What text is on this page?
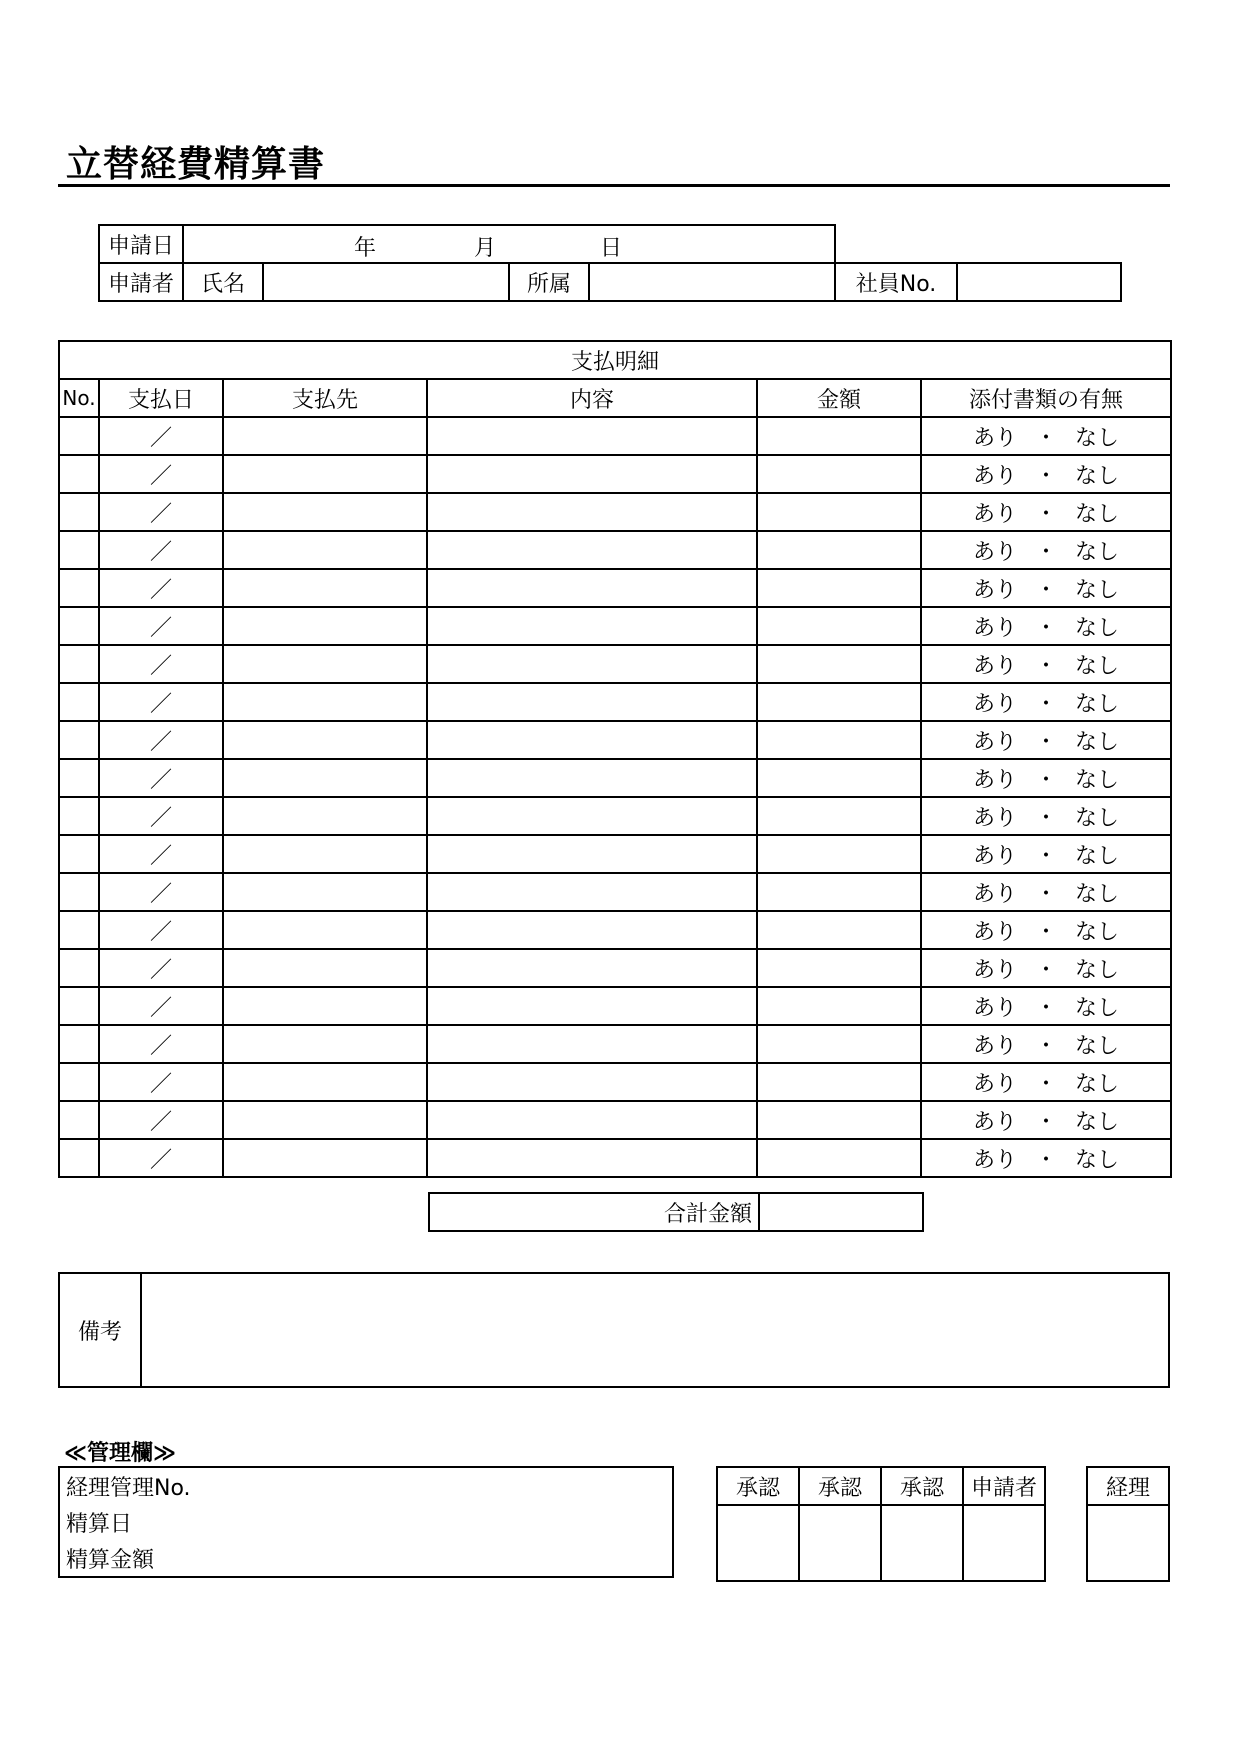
立替経費精算書
申請日	年 月 日					

申請者	氏名		所属		社員No.	
支払明細					
No.	支払日	支払先	内容	金額	添付書類の有無
	／				あり ・ なし
	／				あり ・ なし
	／				あり ・ なし
	／				あり ・ なし
	／				あり ・ なし
	／				あり ・ なし
	／				あり ・ なし
	／				あり ・ なし
	／				あり ・ なし
	／				あり ・ なし
	／				あり ・ なし
	／				あり ・ なし
	／				あり ・ なし
	／				あり ・ なし
	／				あり ・ なし
	／				あり ・ なし
	／				あり ・ なし
	／				あり ・ なし
	／				あり ・ なし
	／				あり ・ なし
合計金額	
備考	
≪管理欄≫
経理管理No.
精算日
精算金額
承認	承認	承認	申請者
				経理
